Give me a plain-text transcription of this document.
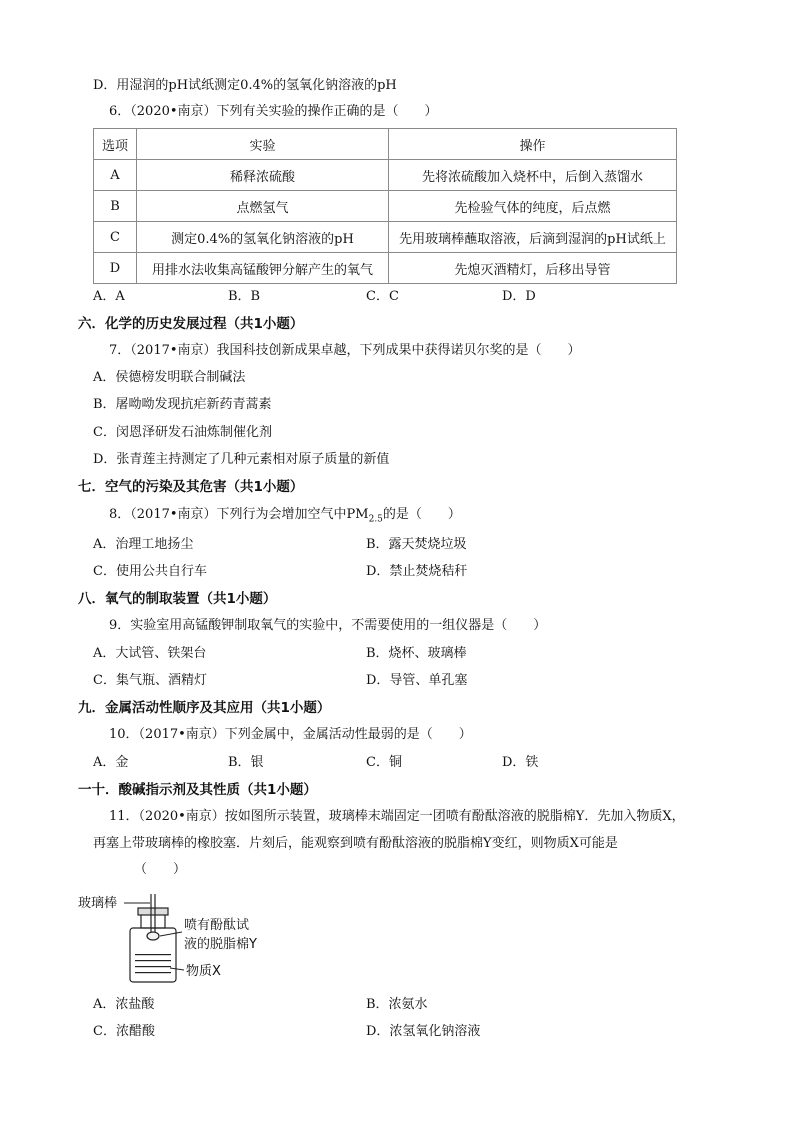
D．用湿润的pH试纸测定0.4%的氢氧化钠溶液的pH
6．（2020•南京）下列有关实验的操作正确的是（　　）
选项	实验	操作
A	稀释浓硫酸	先将浓硫酸加入烧杯中，后倒入蒸馏水
B	点燃氢气	先检验气体的纯度，后点燃
C	测定0.4%的氢氧化钠溶液的pH	先用玻璃棒蘸取溶液，后滴到湿润的pH试纸上
D	用排水法收集高锰酸钾分解产生的氧气	先熄灭酒精灯，后移出导管
A．A	B．B	C．C	D．D
六．化学的历史发展过程（共1小题）
7．（2017•南京）我国科技创新成果卓越，下列成果中获得诺贝尔奖的是（　　）
A．侯德榜发明联合制碱法
B．屠呦呦发现抗疟新药青蒿素
C．闵恩泽研发石油炼制催化剂
D．张青莲主持测定了几种元素相对原子质量的新值
七．空气的污染及其危害（共1小题）
8．（2017•南京）下列行为会增加空气中$PM_{2.5}$的是（　　）
A．治理工地扬尘	B．露天焚烧垃圾
C．使用公共自行车	D．禁止焚烧秸秆
八．氧气的制取装置（共1小题）
9．实验室用高锰酸钾制取氧气的实验中，不需要使用的一组仪器是（　　）
A．大试管、铁架台	B．烧杯、玻璃棒
C．集气瓶、酒精灯	D．导管、单孔塞
九．金属活动性顺序及其应用（共1小题）
10．（2017•南京）下列金属中，金属活动性最弱的是（　　）
A．金	B．银	C．铜	D．铁
一十．酸碱指示剂及其性质（共1小题）
11．（2020•南京）按如图所示装置，玻璃棒末端固定一团喷有酚酞溶液的脱脂棉Y．先加入物质X，
再塞上带玻璃棒的橡胶塞．片刻后，能观察到喷有酚酞溶液的脱脂棉Y变红，则物质X可能是
（　　）
玻璃棒
喷有酚酞试
液的脱脂棉Y
物质X
A．浓盐酸	B．浓氨水
C．浓醋酸	D．浓氢氧化钠溶液
